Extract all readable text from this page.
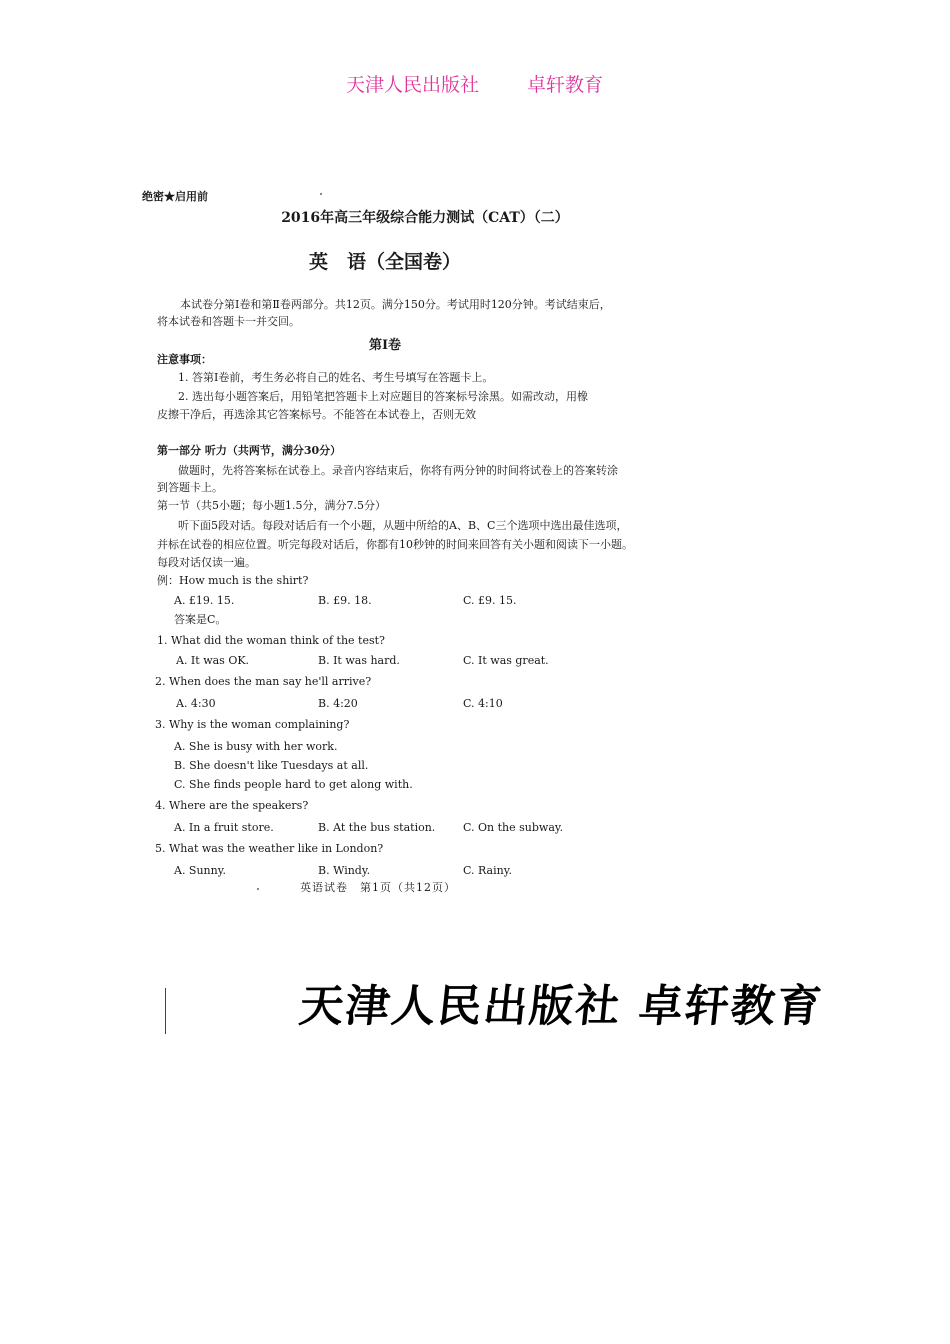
天津人民出版社	卓轩教育
绝密★启用前
2016年高三年级综合能力测试（CAT）（二）
英　语（全国卷）
本试卷分第Ⅰ卷和第Ⅱ卷两部分。共12页。满分150分。考试用时120分钟。考试结束后，
将本试卷和答题卡一并交回。
第Ⅰ卷
注意事项：
1. 答第Ⅰ卷前，考生务必将自己的姓名、考生号填写在答题卡上。
2. 选出每小题答案后，用铅笔把答题卡上对应题目的答案标号涂黑。如需改动，用橡
皮擦干净后，再选涂其它答案标号。不能答在本试卷上，否则无效
第一部分 听力（共两节，满分30分）
做题时，先将答案标在试卷上。录音内容结束后，你将有两分钟的时间将试卷上的答案转涂
到答题卡上。
第一节（共5小题；每小题1.5分，满分7.5分）
听下面5段对话。每段对话后有一个小题，从题中所给的A、B、C三个选项中选出最佳选项，
并标在试卷的相应位置。听完每段对话后，你都有10秒钟的时间来回答有关小题和阅读下一小题。
每段对话仅读一遍。
例：How much is the shirt?
A. £19. 15.	B. £9. 18.	C. £9. 15.
答案是C。
1. What did the woman think of the test?
A. It was OK.	B. It was hard.	C. It was great.
2. When does the man say he'll arrive?
A. 4:30	B. 4:20	C. 4:10
3. Why is the woman complaining?
A. She is busy with her work.
B. She doesn't like Tuesdays at all.
C. She finds people hard to get along with.
4. Where are the speakers?
A. In a fruit store.	B. At the bus station.	C. On the subway.
5. What was the weather like in London?
A. Sunny.	B. Windy.	C. Rainy.
英语试卷　第1页（共12页）
天津人民出版社 卓轩教育
